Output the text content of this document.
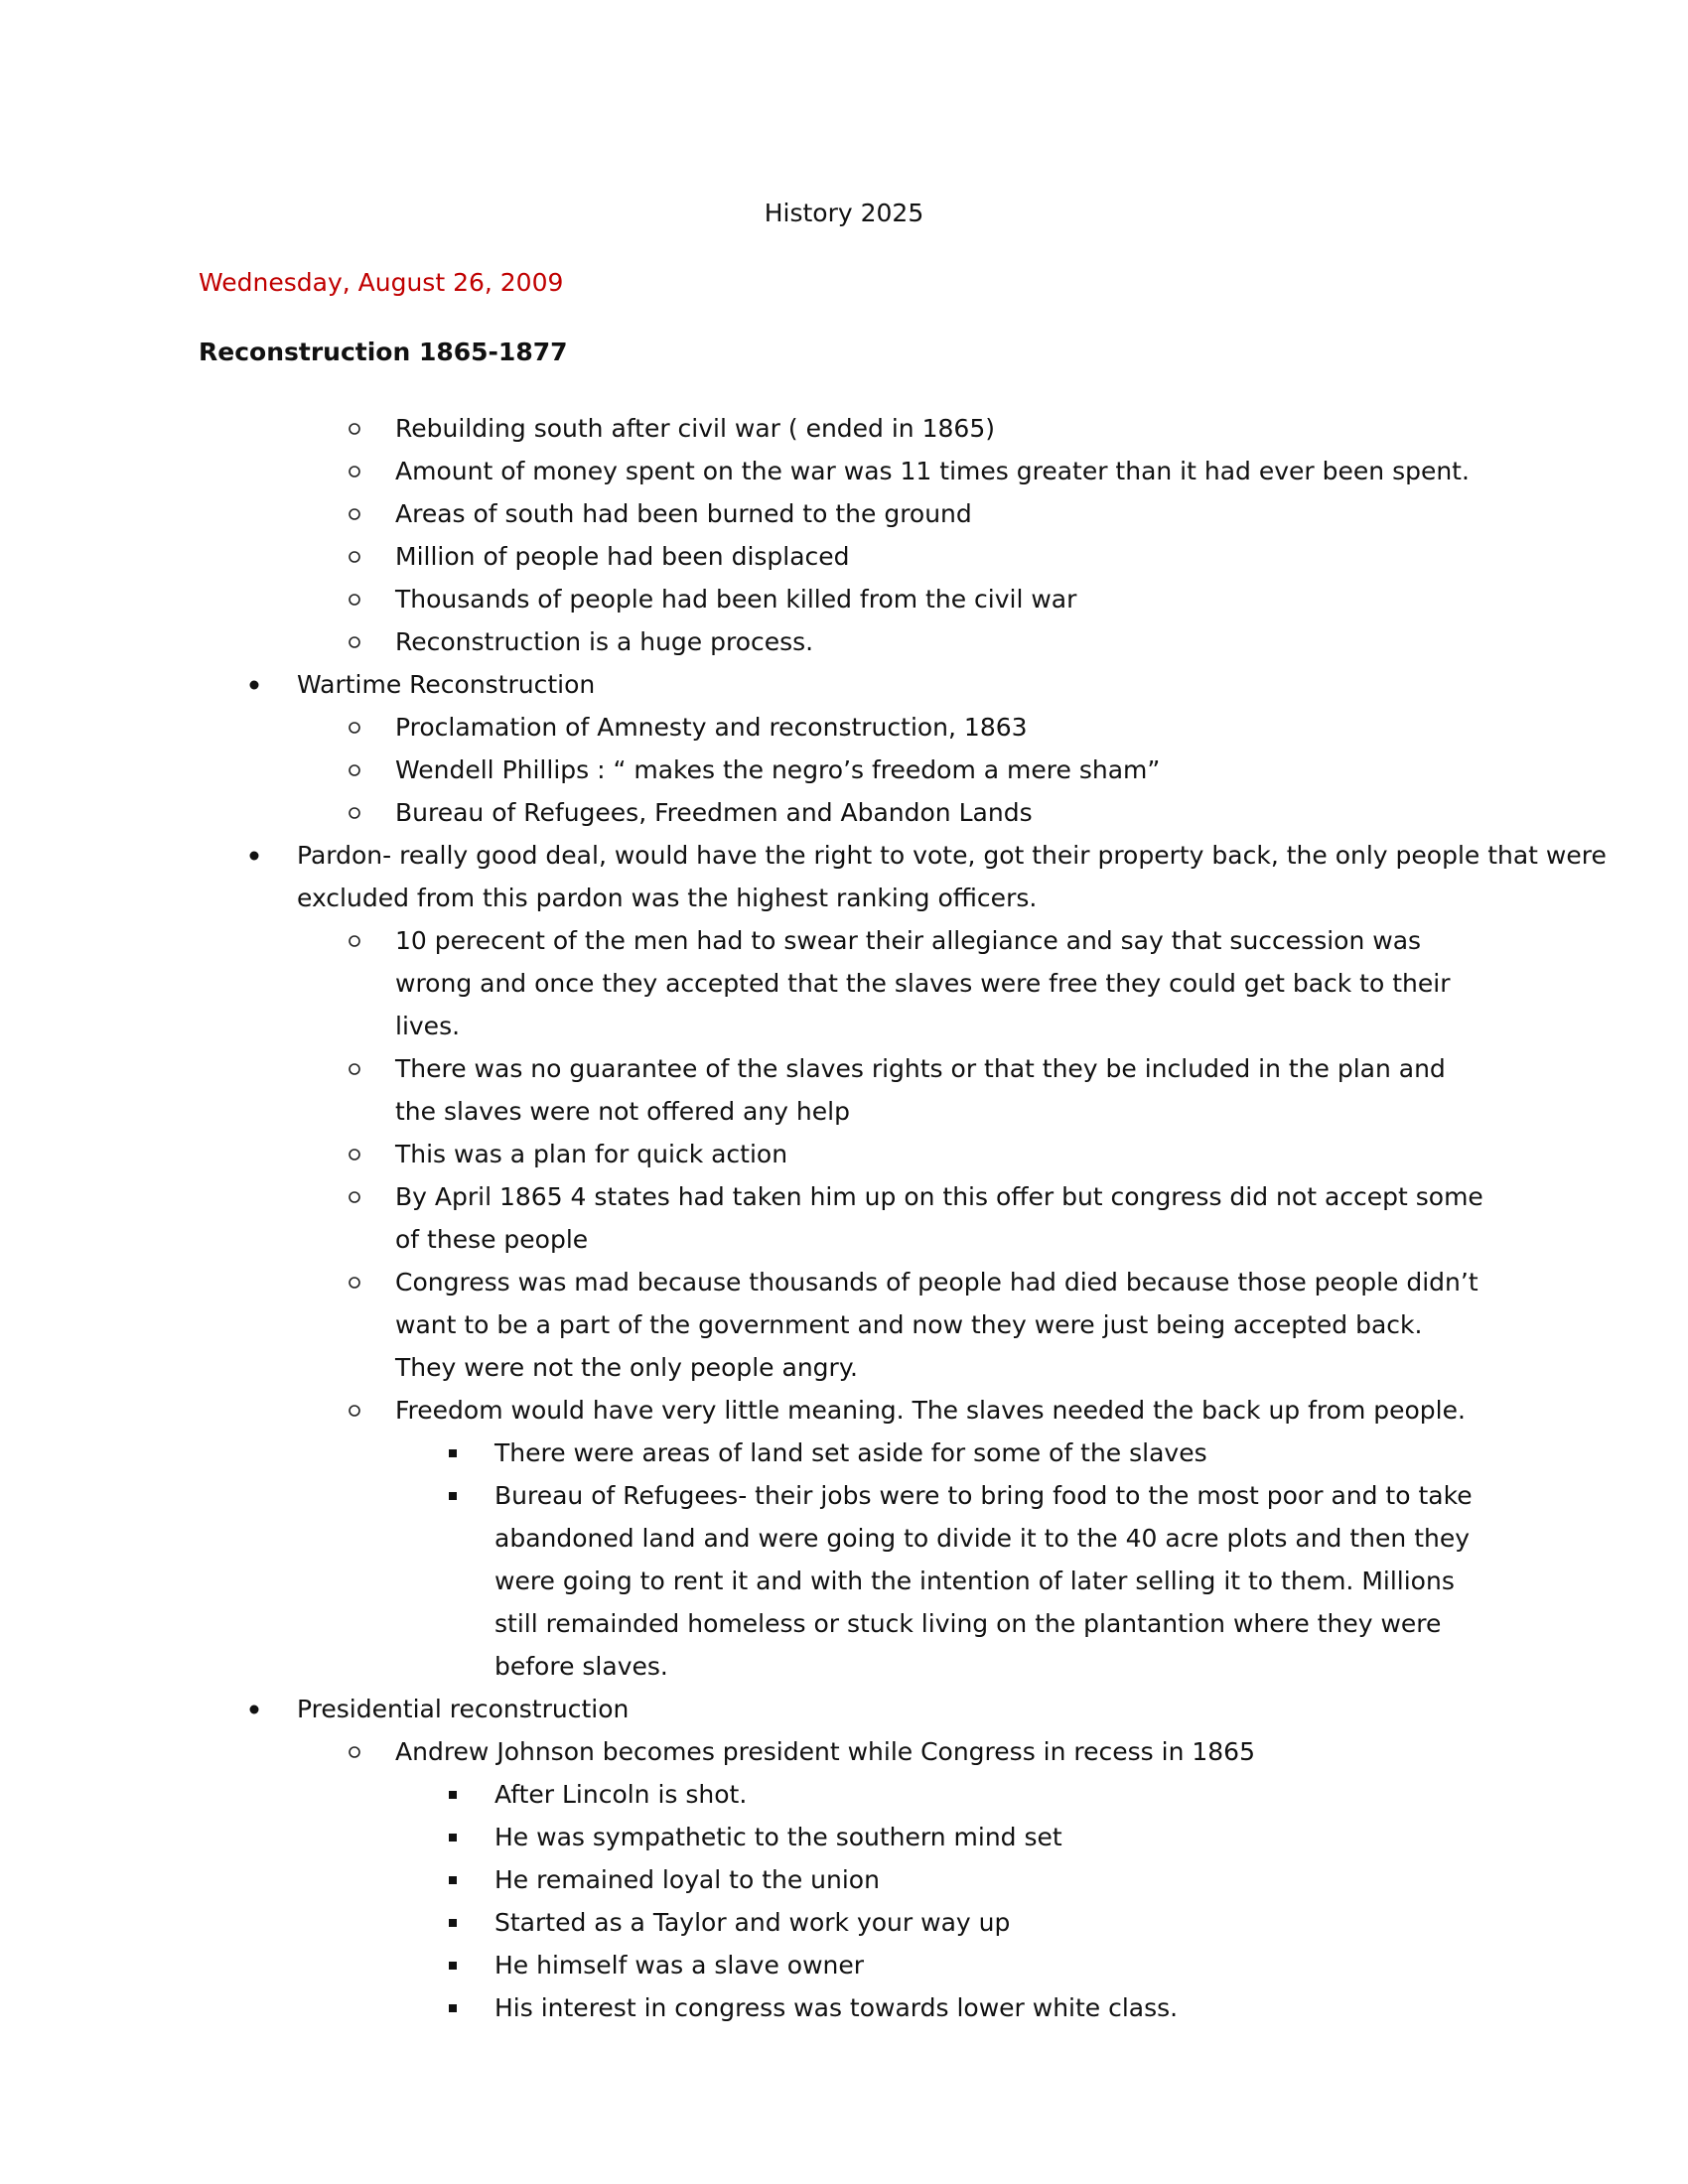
History 2025
Wednesday, August 26, 2009
Reconstruction 1865-1877
Rebuilding south after civil war ( ended in 1865)
Amount of money spent on the war was 11 times greater than it had ever been spent.
Areas of south had been burned to the ground
Million of people had been displaced
Thousands of people had been killed from the civil war
Reconstruction is a huge process.
Wartime Reconstruction
Proclamation of Amnesty and reconstruction, 1863
Wendell Phillips : “ makes the negro’s freedom a mere sham”
Bureau of Refugees, Freedmen and Abandon Lands
Pardon- really good deal, would have the right to vote, got their property back, the only people that were excluded from this pardon was the highest ranking officers.
10 perecent of the men had to swear their allegiance and say that succession was wrong and once they accepted that the slaves were free they could get back to their lives.
There was no guarantee of the slaves rights or that they be included in the plan and the slaves were not offered any help
This was a plan for quick action
By April 1865 4 states had taken him up on this offer but congress did not accept some of these people
Congress was mad because thousands of people had died because those people didn’t want to be a part of the government and now they were just being accepted back. They were not the only people angry.
Freedom would have very little meaning. The slaves needed the back up from people.
There were areas of land set aside for some of the slaves
Bureau of Refugees- their jobs were to bring food to the most poor and to take abandoned land and were going to divide it to the 40 acre plots and then they were going to rent it and with the intention of later selling it to them. Millions still remainded homeless or stuck living on the plantantion where they were before slaves.
Presidential reconstruction
Andrew Johnson becomes president while Congress in recess in 1865
After Lincoln is shot.
He was sympathetic to the southern mind set
He remained loyal to the union
Started as a Taylor and work your way up
He himself was a slave owner
His interest in congress was towards lower white class.
